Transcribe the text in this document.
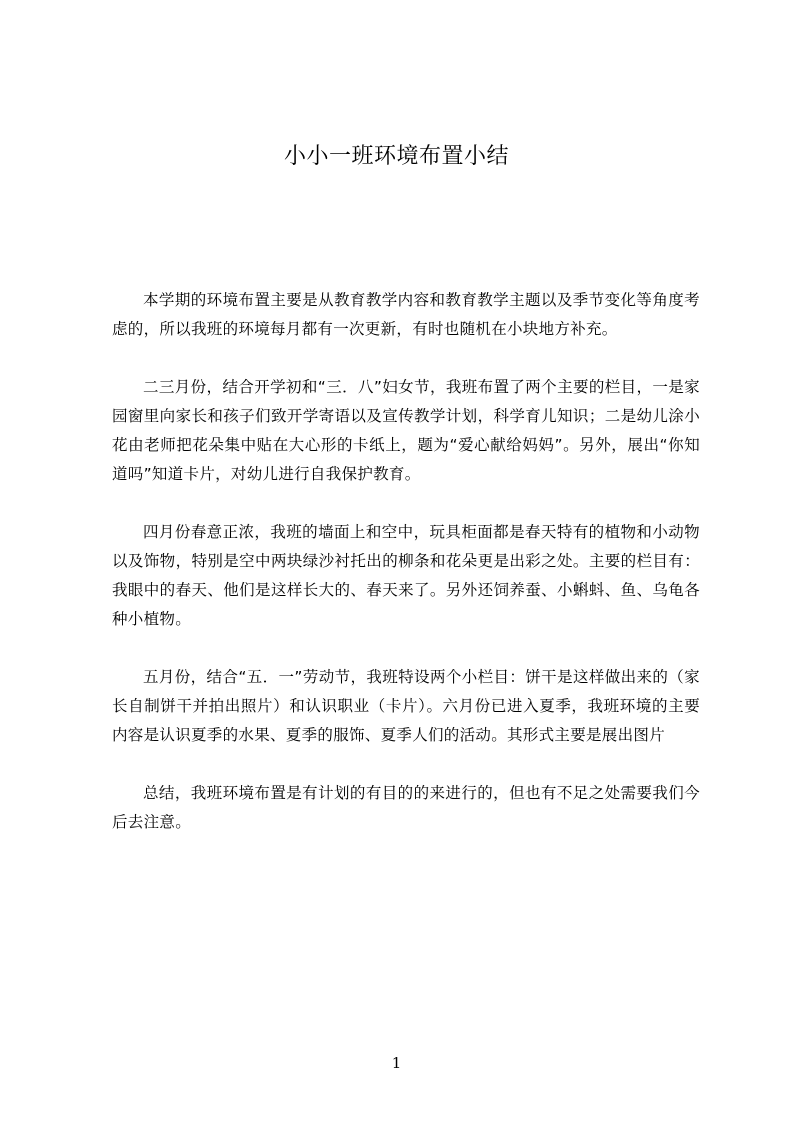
小小一班环境布置小结

本学期的环境布置主要是从教育教学内容和教育教学主题以及季节变化等角度考虑的，所以我班的环境每月都有一次更新，有时也随机在小块地方补充。

二三月份，结合开学初和“三．八”妇女节，我班布置了两个主要的栏目，一是家园窗里向家长和孩子们致开学寄语以及宣传教学计划，科学育儿知识；二是幼儿涂小花由老师把花朵集中贴在大心形的卡纸上，题为“爱心献给妈妈”。另外，展出“你知道吗”知道卡片，对幼儿进行自我保护教育。

四月份春意正浓，我班的墙面上和空中，玩具柜面都是春天特有的植物和小动物以及饰物，特别是空中两块绿沙衬托出的柳条和花朵更是出彩之处。主要的栏目有：我眼中的春天、他们是这样长大的、春天来了。另外还饲养蚕、小蝌蚪、鱼、乌龟各种小植物。

五月份，结合“五．一”劳动节，我班特设两个小栏目：饼干是这样做出来的（家长自制饼干并拍出照片）和认识职业（卡片）。六月份已进入夏季，我班环境的主要内容是认识夏季的水果、夏季的服饰、夏季人们的活动。其形式主要是展出图片

总结，我班环境布置是有计划的有目的的来进行的，但也有不足之处需要我们今后去注意。

1
